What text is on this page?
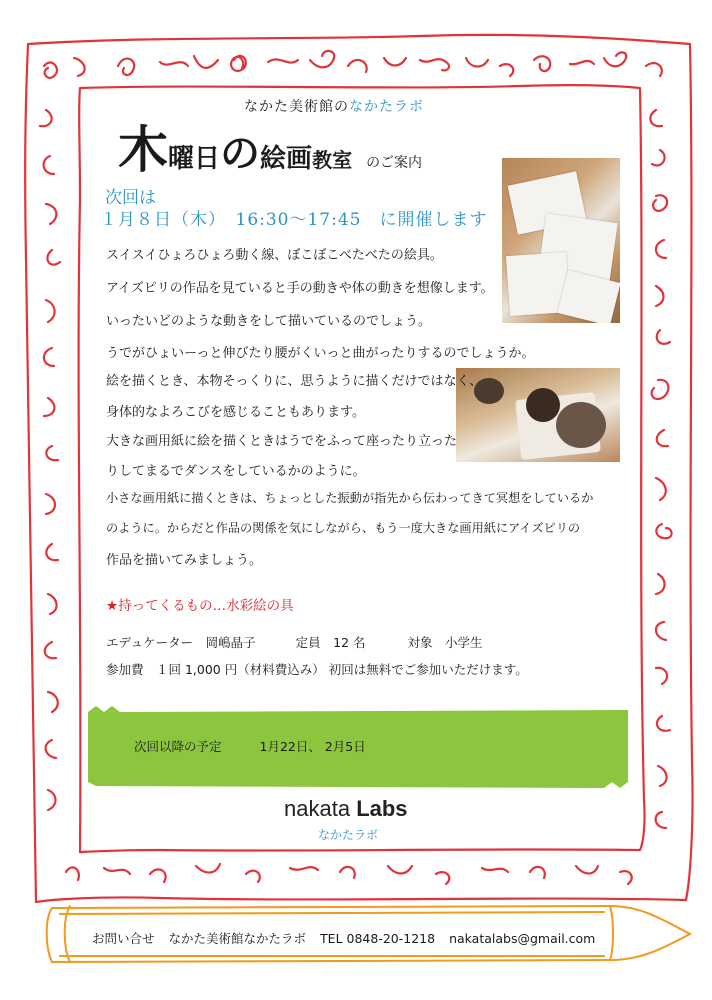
なかた美術館のなかたラボ
木曜日の絵画教室 のご案内
次回は
１月８日（木）　16:30〜17:45　に開催します
スイスイひょろひょろ動く線、ぼこぼこべたべたの絵具。
アイズピリの作品を見ていると手の動きや体の動きを想像します。
いったいどのような動きをして描いているのでしょう。
うでがひょいーっと伸びたり腰がくいっと曲がったりするのでしょうか。
絵を描くとき、本物そっくりに、思うように描くだけではなく、
身体的なよろこびを感じることもあります。
大きな画用紙に絵を描くときはうでをふって座ったり立った
りしてまるでダンスをしているかのように。
小さな画用紙に描くときは、ちょっとした振動が指先から伝わってきて冥想をしているか
のように。からだと作品の関係を気にしながら、もう一度大きな画用紙にアイズピリの
作品を描いてみましょう。
★持ってくるもの…水彩絵の具
エデュケーター　岡嶋晶子	定員　12 名	対象　小学生
参加費　１回 1,000 円（材料費込み） 初回は無料でご参加いただけます。
次回以降の予定	1月22日、 2月5日
nakata Labs
なかたラボ
お問い合せ なかた美術館なかたラボ TEL 0848-20-1218 nakatalabs@gmail.com
